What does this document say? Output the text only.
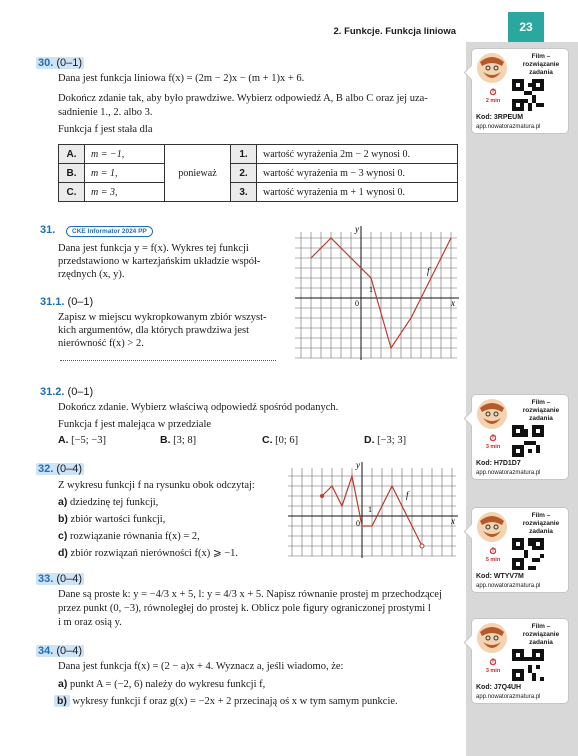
2. Funkcje. Funkcja liniowa	23
30. (0–1)
Dana jest funkcja liniowa f(x) = (2m − 2)x − (m + 1)x + 6.
Dokończ zdanie tak, aby było prawdziwe. Wybierz odpowiedź A, B albo C oraz jej uza-
sadnienie 1., 2. albo 3.
Funkcja f jest stała dla
A.	m = −1,	ponieważ	1.	wartość wyrażenia 2m − 2 wynosi 0.
B.	m = 1,		2.	wartość wyrażenia m − 3 wynosi 0.
C.	m = 3,		3.	wartość wyrażenia m + 1 wynosi 0.
31.	CKE Informator 2024 PP
Dana jest funkcja y = f(x). Wykres tej funkcji
przedstawiono w kartezjańskim układzie współ-
rzędnych (x, y).
y
x
0
1
f
31.1. (0–1)
Zapisz w miejscu wykropkowanym zbiór wszyst-
kich argumentów, dla których prawdziwa jest
nierówność f(x) > 2.
31.2. (0–1)
Dokończ zdanie. Wybierz właściwą odpowiedź spośród podanych.
Funkcja f jest malejąca w przedziale
A. [−5; −3]	B. [3; 8]	C. [0; 6]	D. [−3; 3]
32. (0–4)
Z wykresu funkcji f na rysunku obok odczytaj:
a) dziedzinę tej funkcji,
b) zbiór wartości funkcji,
c) rozwiązanie równania f(x) = 2,
d) zbiór rozwiązań nierówności f(x) ⩾ −1.
y
x
0
1
f
33. (0–4)
Dane są proste k: y = −4/3 x + 5, l: y = 4/3 x + 5. Napisz równanie prostej m przechodzącej
przez punkt (0, −3), równoległej do prostej k. Oblicz pole figury ograniczonej prostymi l
i m oraz osią y.
34. (0–4)
Dana jest funkcja f(x) = (2 − a)x + 4. Wyznacz a, jeśli wiadomo, że:
a) punkt A = (−2, 6) należy do wykresu funkcji f,
b) wykresy funkcji f oraz g(x) = −2x + 2 przecinają oś x w tym samym punkcie.
Film – rozwiązanie zadania
⏱
2 min
Kod: 3RPEUM
app.nowatorazmatura.pl
Film – rozwiązanie zadania
⏱
3 min
Kod: H7D1D7
app.nowatorazmatura.pl
Film – rozwiązanie zadania
⏱
5 min
Kod: WTYV7M
app.nowatorazmatura.pl
Film – rozwiązanie zadania
⏱
3 min
Kod: J7Q4UH
app.nowatorazmatura.pl
